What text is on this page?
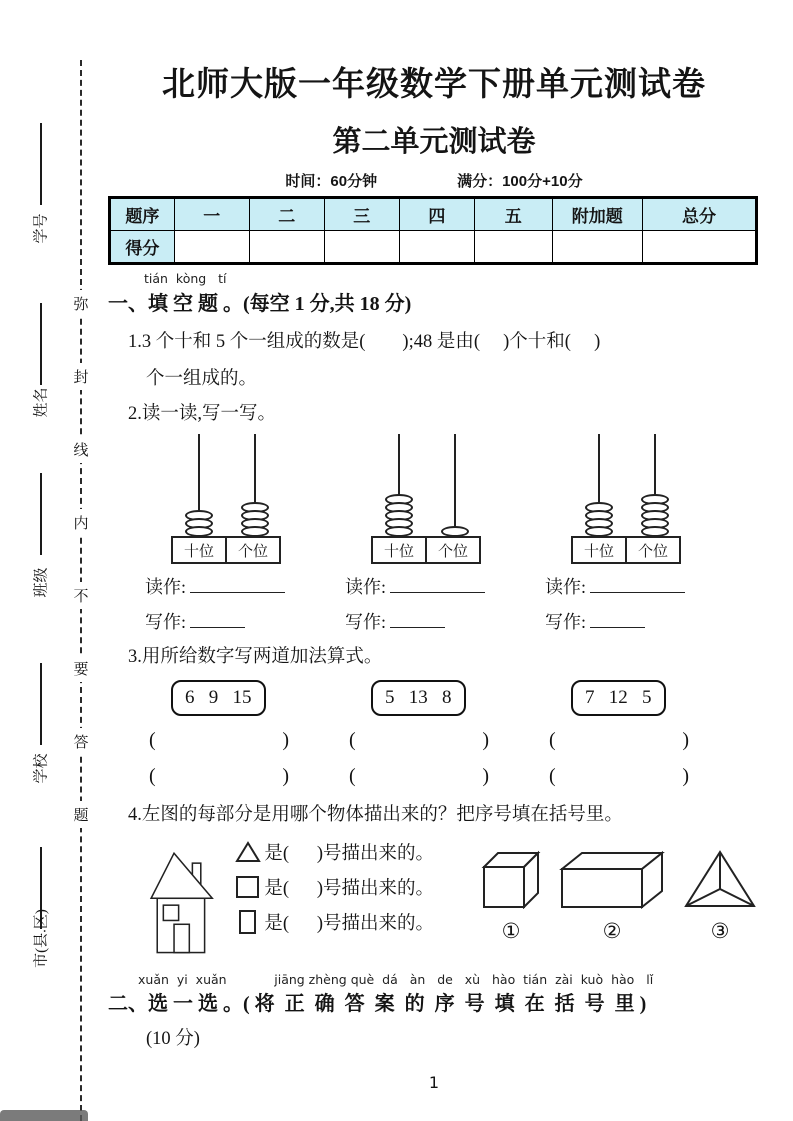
北师大版一年级数学下册单元测试卷
第二单元测试卷
时间：60分钟	满分：100分+10分
题序	一	二	三	四	五	附加题	总分
得分							
tián  kòng   tí
一、填 空 题 。(每空 1 分,共 18 分)
1.3 个十和 5 个一组成的数是(        );48 是由(     )个十和(     )
个一组成的。
2.读一读,写一写。
十位	个位
读作:
写作:
十位	个位
读作:
写作:
十位	个位
读作:
写作:
3.用所给数字写两道加法算式。
6   9   15
(	)
(	)
5   13   8
(	)
(	)
7   12   5
(	)
(	)
4.左图的每部分是用哪个物体描出来的？把序号填在括号里。
是(      )号描出来的。
是(      )号描出来的。
是(      )号描出来的。	①	②	③
xuǎn  yi  xuǎn            jiāng zhèng què  dá   àn   de   xù   hào  tián  zài  kuò  hào   lǐ
二、选 一 选 。( 将  正  确  答  案  的  序  号  填  在  括  号  里 )
(10 分)
1
学号
姓名
班级
学校
市(县.区)
弥
封
线
内
不
要
答
题
